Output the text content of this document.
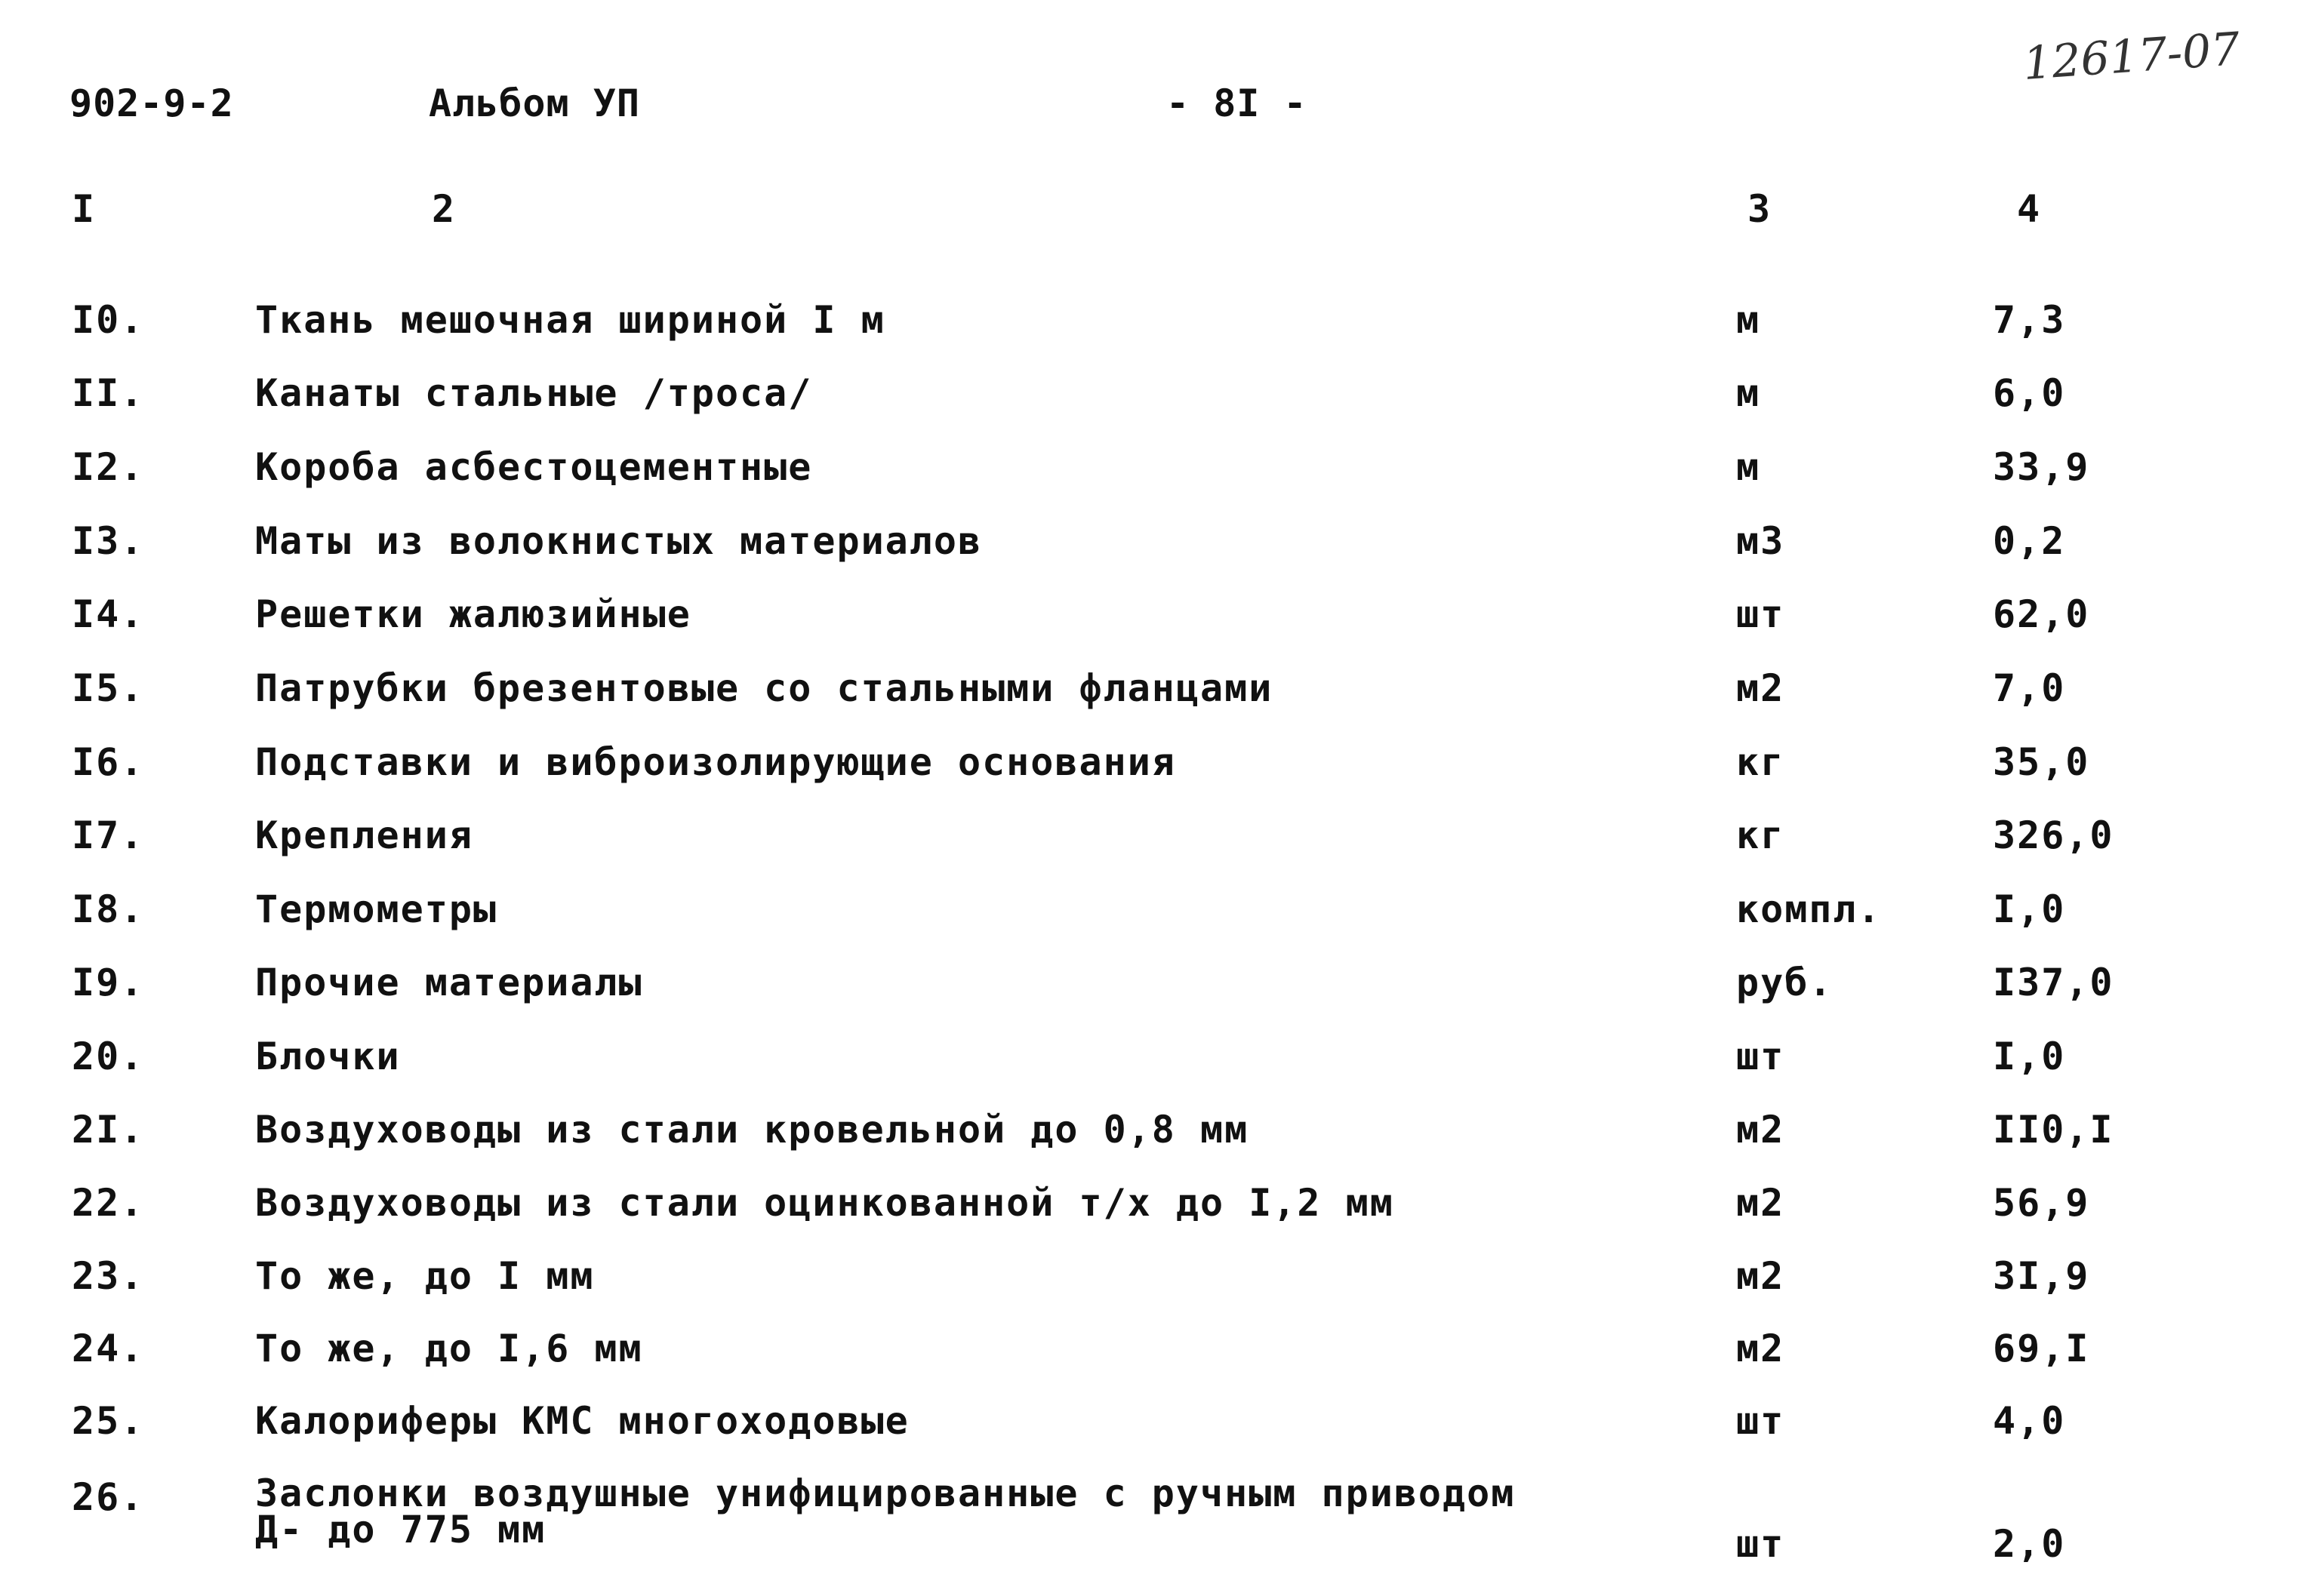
902-9-2	Альбом УП	- 8I -
12617-07
I	2	3	4
I0.	Ткань мешочная шириной I м	м	7,3
II.	Канаты стальные /троса/	м	6,0
I2.	Короба асбестоцементные	м	33,9
I3.	Маты из волокнистых материалов	м3	0,2
I4.	Решетки жалюзийные	шт	62,0
I5.	Патрубки брезентовые со стальными фланцами	м2	7,0
I6.	Подставки и виброизолирующие основания	кг	35,0
I7.	Крепления	кг	326,0
I8.	Термометры	компл.	I,0
I9.	Прочие материалы	руб.	I37,0
20.	Блочки	шт	I,0
2I.	Воздуховоды из стали кровельной до 0,8 мм	м2	II0,I
22.	Воздуховоды из стали оцинкованной т/х до I,2 мм	м2	56,9
23.	То же, до I мм	м2	3I,9
24.	То же, до I,6 мм	м2	69,I
25.	Калориферы КМС многоходовые	шт	4,0
26.	Заслонки воздушные унифицированные с ручным приводом
Д- до 775 мм	шт	2,0
